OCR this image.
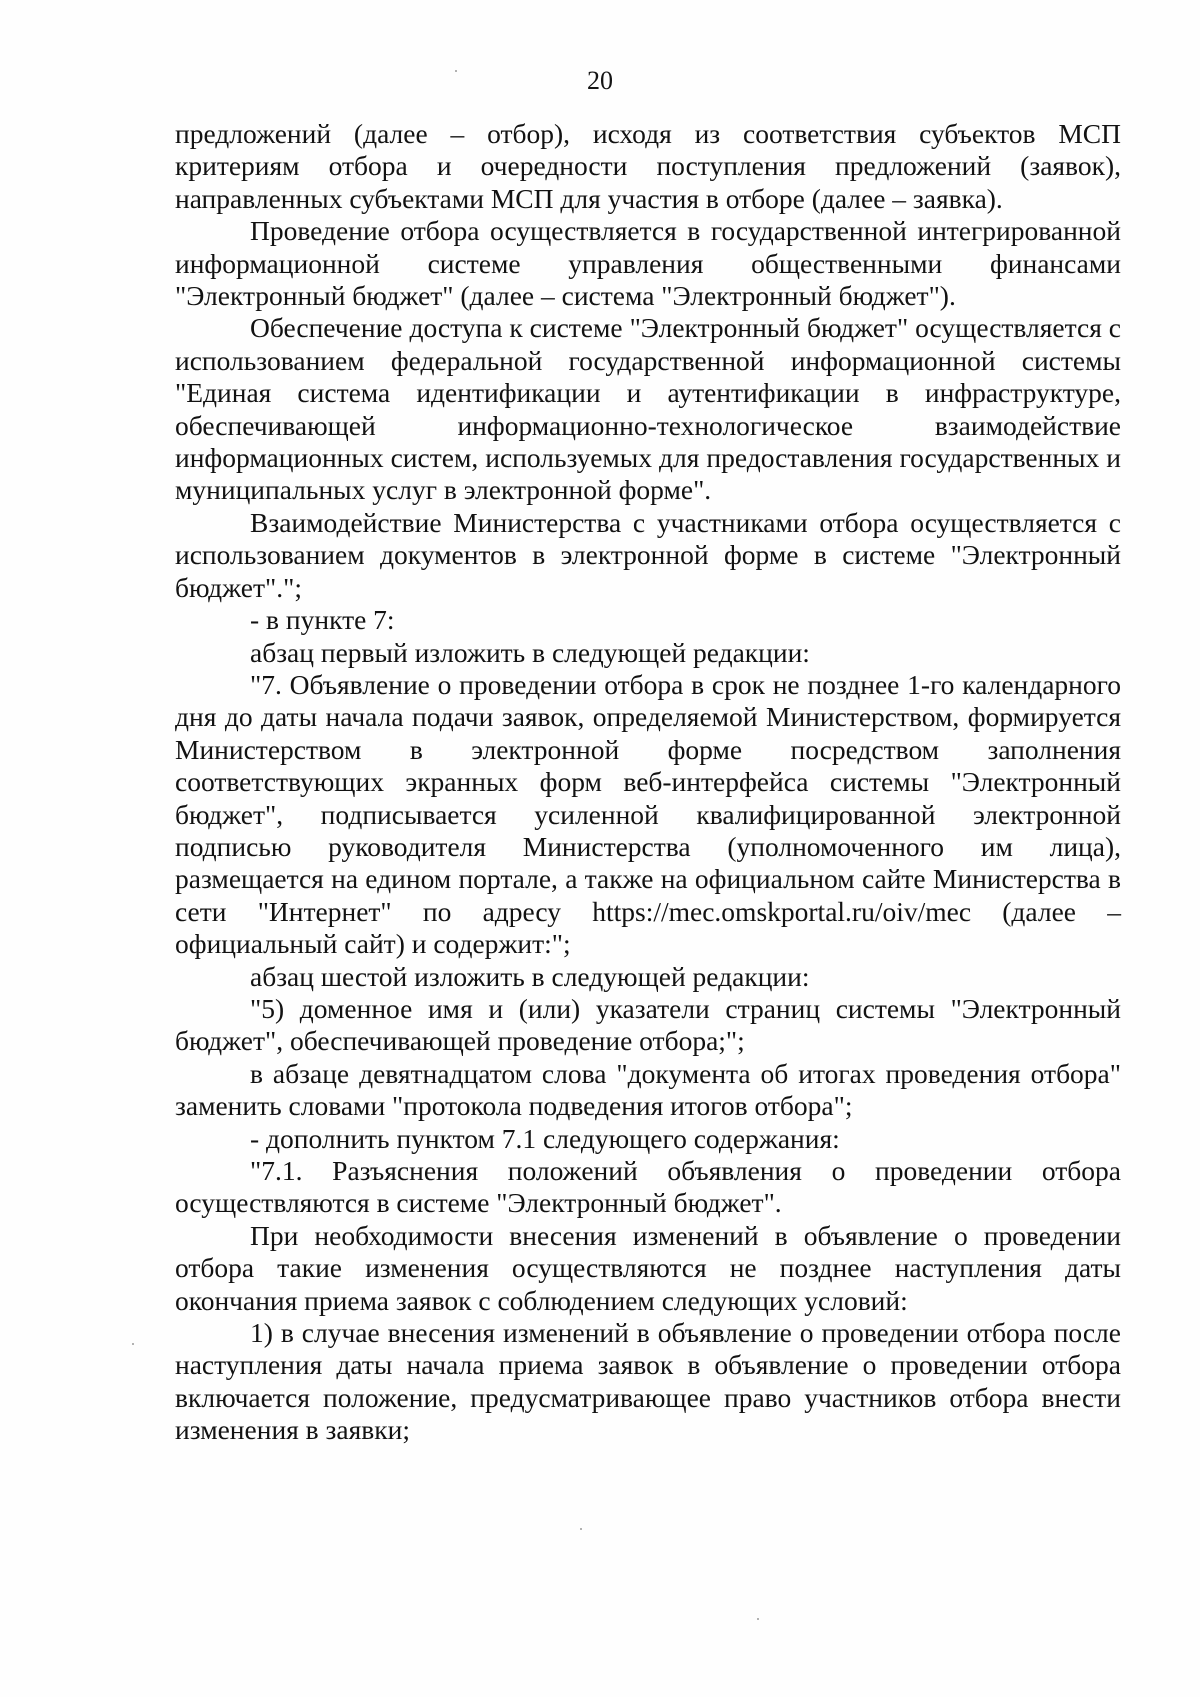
20

предложений (далее – отбор), исходя из соответствия субъектов МСП критериям отбора и очередности поступления предложений (заявок), направленных субъектами МСП для участия в отборе (далее – заявка).

Проведение отбора осуществляется в государственной интегрированной информационной системе управления общественными финансами "Электронный бюджет" (далее – система "Электронный бюджет").

Обеспечение доступа к системе "Электронный бюджет" осуществляется с использованием федеральной государственной информационной системы "Единая система идентификации и аутентификации в инфраструктуре, обеспечивающей информационно-технологическое взаимодействие информационных систем, используемых для предоставления государственных и муниципальных услуг в электронной форме".

Взаимодействие Министерства с участниками отбора осуществляется с использованием документов в электронной форме в системе "Электронный бюджет".";

- в пункте 7:

абзац первый изложить в следующей редакции:

"7. Объявление о проведении отбора в срок не позднее 1-го календарного дня до даты начала подачи заявок, определяемой Министерством, формируется Министерством в электронной форме посредством заполнения соответствующих экранных форм веб-интерфейса системы "Электронный бюджет", подписывается усиленной квалифицированной электронной подписью руководителя Министерства (уполномоченного им лица), размещается на едином портале, а также на официальном сайте Министерства в сети "Интернет" по адресу https://mec.omskportal.ru/oiv/mec (далее – официальный сайт) и содержит:";

абзац шестой изложить в следующей редакции:

"5) доменное имя и (или) указатели страниц системы "Электронный бюджет", обеспечивающей проведение отбора;";

в абзаце девятнадцатом слова "документа об итогах проведения отбора" заменить словами "протокола подведения итогов отбора";

- дополнить пунктом 7.1 следующего содержания:

"7.1. Разъяснения положений объявления о проведении отбора осуществляются в системе "Электронный бюджет".

При необходимости внесения изменений в объявление о проведении отбора такие изменения осуществляются не позднее наступления даты окончания приема заявок с соблюдением следующих условий:

1) в случае внесения изменений в объявление о проведении отбора после наступления даты начала приема заявок в объявление о проведении отбора включается положение, предусматривающее право участников отбора внести изменения в заявки;
